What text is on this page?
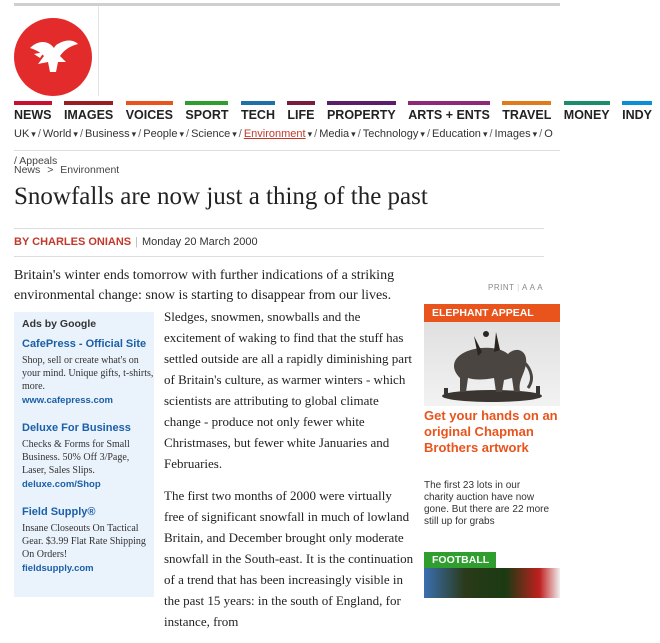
NEWS IMAGES VOICES SPORT TECH LIFE PROPERTY ARTS + ENTS TRAVEL MONEY INDY
UK ▾ / World ▾ / Business ▾ / People ▾ / Science ▾ / Environment ▾ / Media ▾ / Technology ▾ / Education ▾ / Images ▾ / O
/ Appeals
News > Environment
Snowfalls are now just a thing of the past
BY CHARLES ONIANS | Monday 20 March 2000
Britain's winter ends tomorrow with further indications of a striking environmental change: snow is starting to disappear from our lives.
PRINT | A A A
Ads by Google
CafePress - Official Site
Shop, sell or create what's on your mind. Unique gifts, t-shirts, more.
www.cafepress.com
Deluxe For Business
Checks & Forms for Small Business. 50% Off 3/Page, Laser, Sales Slips.
deluxe.com/Shop
Field Supply®
Insane Closeouts On Tactical Gear. $3.99 Flat Rate Shipping On Orders!
fieldsupply.com

Sledges, snowmen, snowballs and the excitement of waking to find that the stuff has settled outside are all a rapidly diminishing part of Britain's culture, as warmer winters - which scientists are attributing to global climate change - produce not only fewer white Christmases, but fewer white Januaries and Februaries.

The first two months of 2000 were virtually free of significant snowfall in much of lowland Britain, and December brought only moderate snowfall in the South-east. It is the continuation of a trend that has been increasingly visible in the past 15 years: in the south of England, for instance, from

ELEPHANT APPEAL
Get your hands on an original Chapman Brothers artwork
The first 23 lots in our charity auction have now gone. But there are 22 more still up for grabs
FOOTBALL
